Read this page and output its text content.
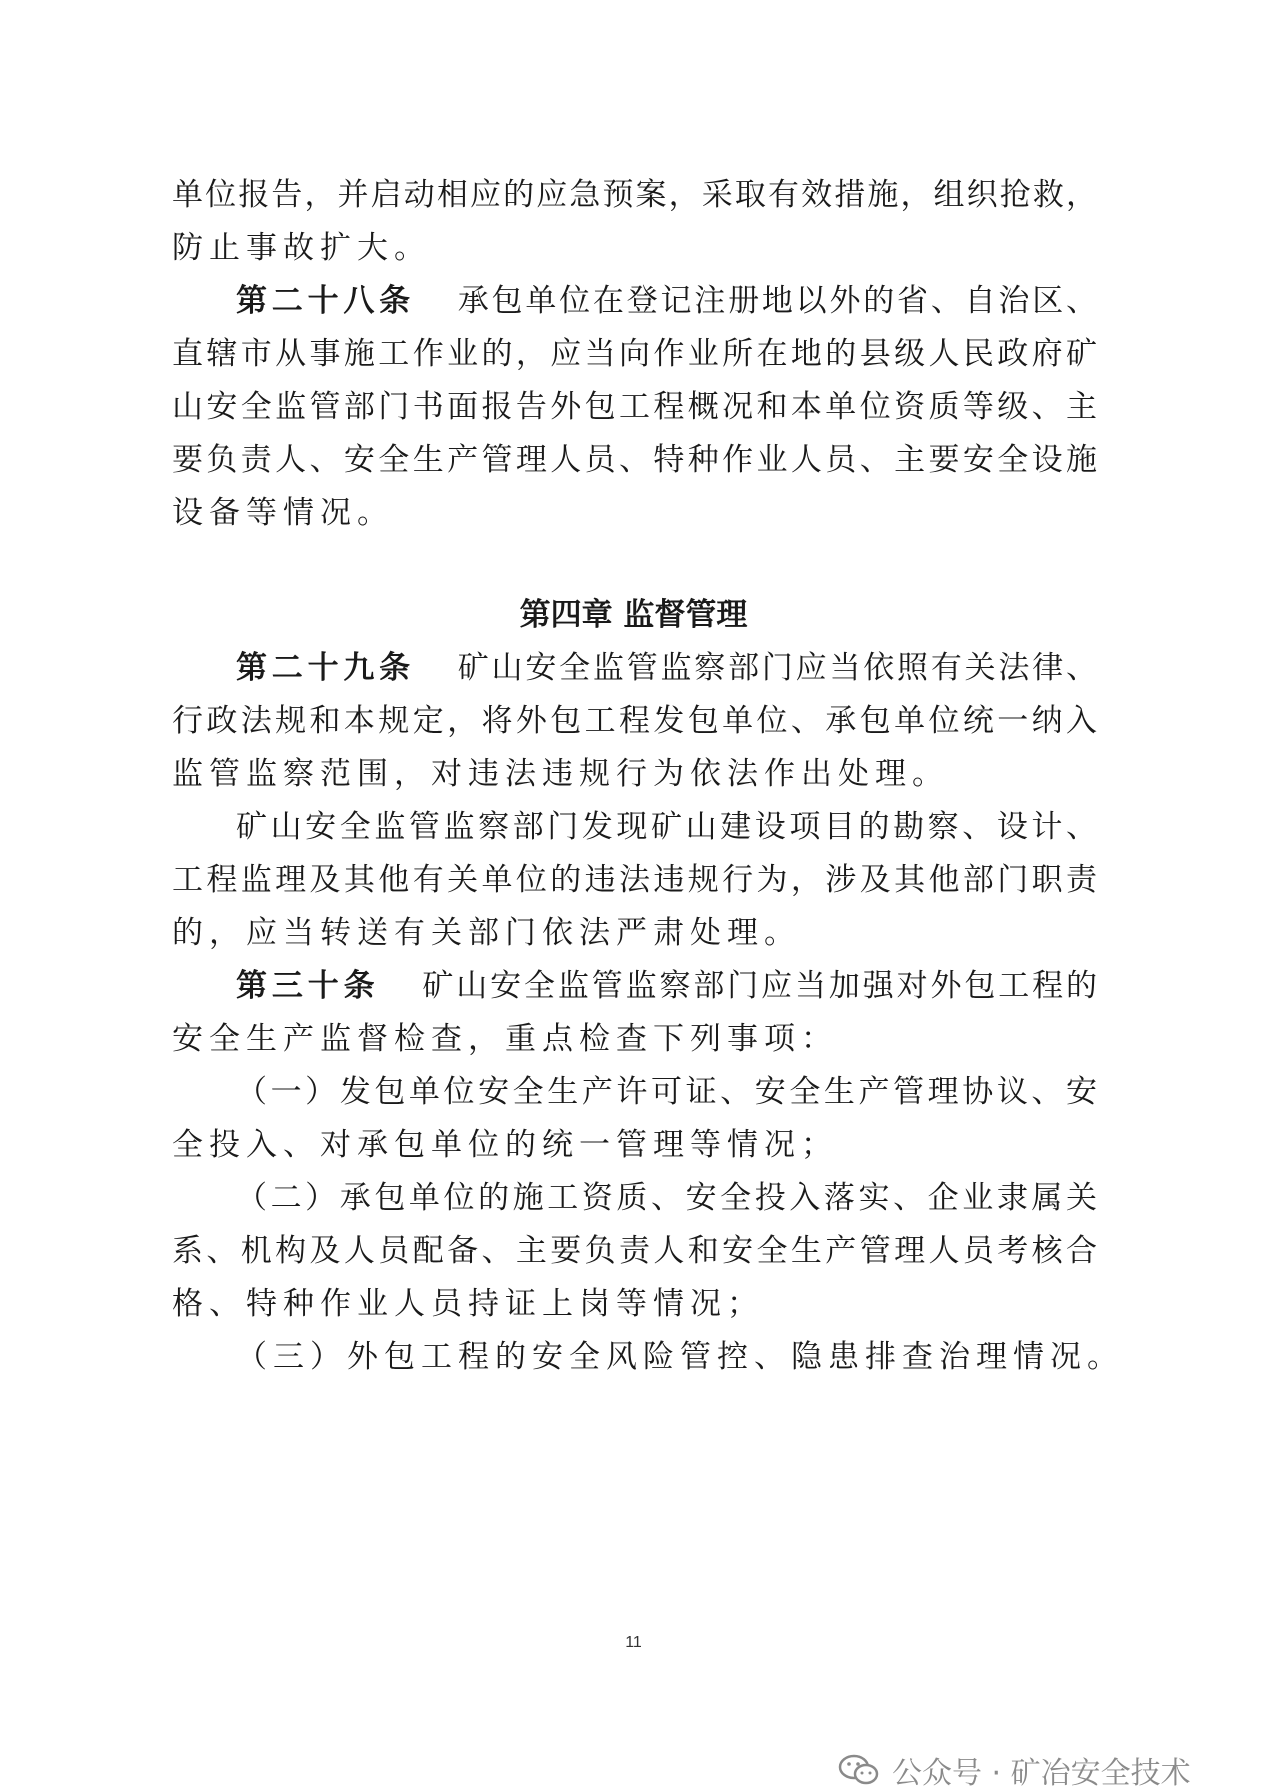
单位报告，并启动相应的应急预案，采取有效措施，组织抢救，
防止事故扩大。
第二十八条 承包单位在登记注册地以外的省、自治区、
直辖市从事施工作业的，应当向作业所在地的县级人民政府矿
山安全监管部门书面报告外包工程概况和本单位资质等级、主
要负责人、安全生产管理人员、特种作业人员、主要安全设施
设备等情况。
第四章 监督管理
第二十九条 矿山安全监管监察部门应当依照有关法律、
行政法规和本规定，将外包工程发包单位、承包单位统一纳入
监管监察范围，对违法违规行为依法作出处理。
矿山安全监管监察部门发现矿山建设项目的勘察、设计、
工程监理及其他有关单位的违法违规行为，涉及其他部门职责
的，应当转送有关部门依法严肃处理。
第三十条 矿山安全监管监察部门应当加强对外包工程的
安全生产监督检查，重点检查下列事项：
（一）发包单位安全生产许可证、安全生产管理协议、安
全投入、对承包单位的统一管理等情况；
（二）承包单位的施工资质、安全投入落实、企业隶属关
系、机构及人员配备、主要负责人和安全生产管理人员考核合
格、特种作业人员持证上岗等情况；
（三）外包工程的安全风险管控、隐患排查治理情况。
11
公众号 · 矿冶安全技术
